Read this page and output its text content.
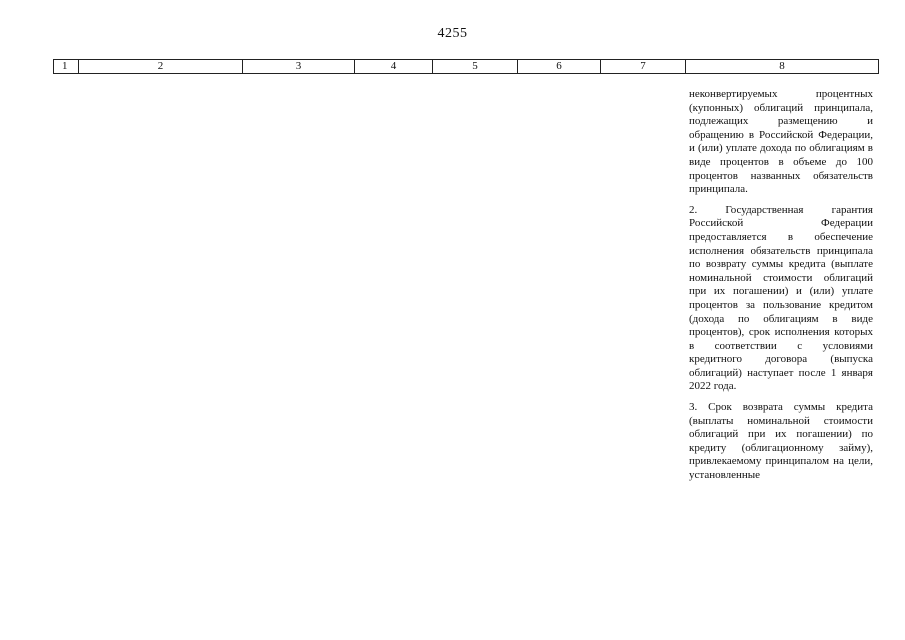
4255
1	2	3	4	5	6	7	8

неконвертируемых процентных (купонных) облигаций принципала, подлежащих размещению и обращению в Российской Федерации, и (или) уплате дохода по облигациям в виде процентов в объеме до 100 процентов названных обязательств принципала.

2. Государственная гарантия Российской Федерации предоставляется в обеспечение исполнения обязательств принципала по возврату суммы кредита (выплате номинальной стоимости облигаций при их погашении) и (или) уплате процентов за пользование кредитом (дохода по облигациям в виде процентов), срок исполнения которых в соответствии с условиями кредитного договора (выпуска облигаций) наступает после 1 января 2022 года.

3. Срок возврата суммы кредита (выплаты номинальной стоимости облигаций при их погашении) по кредиту (облигационному займу), привлекаемому принципалом на цели, установленные
